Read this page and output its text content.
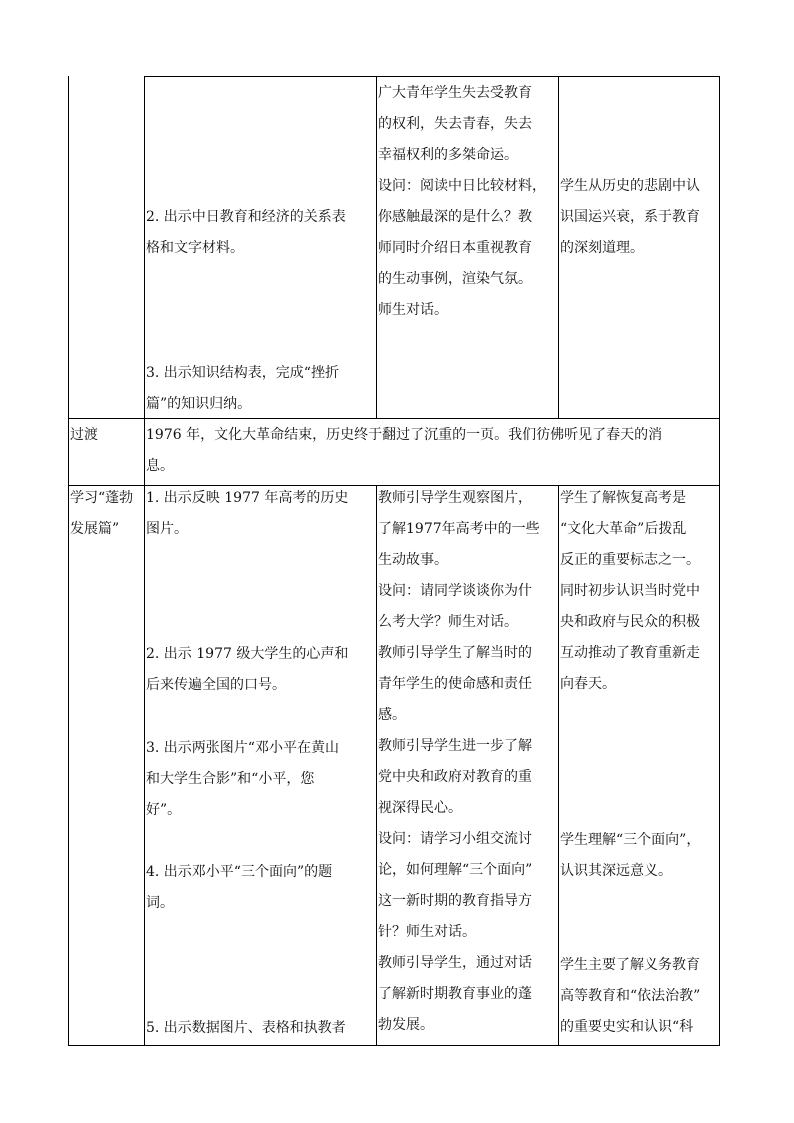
2. 出示中日教育和经济的关系表

格和文字材料。

3. 出示知识结构表，完成“挫折

篇”的知识归纳。

广大青年学生失去受教育

的权利，失去青春，失去

幸福权利的多桀命运。

设问：阅读中日比较材料，

你感触最深的是什么？教

师同时介绍日本重视教育

的生动事例，渲染气氛。

师生对话。

学生从历史的悲剧中认

识国运兴衰，系于教育

的深刻道理。

过渡	1976 年，文化大革命结束，历史终于翻过了沉重的一页。我们彷佛听见了春天的消

息。

学习“蓬勃

发展篇”

1. 出示反映 1977 年高考的历史

图片。

2. 出示 1977 级大学生的心声和

后来传遍全国的口号。

3. 出示两张图片“邓小平在黄山

和大学生合影”和“小平，您

好”。

4. 出示邓小平“三个面向”的题

词。

5. 出示数据图片、表格和执教者

教师引导学生观察图片，

了解1977年高考中的一些

生动故事。

设问：请同学谈谈你为什

么考大学？师生对话。

教师引导学生了解当时的

青年学生的使命感和责任

感。

教师引导学生进一步了解

党中央和政府对教育的重

视深得民心。

设问：请学习小组交流讨

论，如何理解“三个面向”

这一新时期的教育指导方

针？师生对话。

教师引导学生，通过对话

了解新时期教育事业的蓬

勃发展。

学生了解恢复高考是

“文化大革命”后拨乱

反正的重要标志之一。

同时初步认识当时党中

央和政府与民众的积极

互动推动了教育重新走

向春天。

学生理解“三个面向”，

认识其深远意义。

学生主要了解义务教育

高等教育和“依法治教”

的重要史实和认识“科
